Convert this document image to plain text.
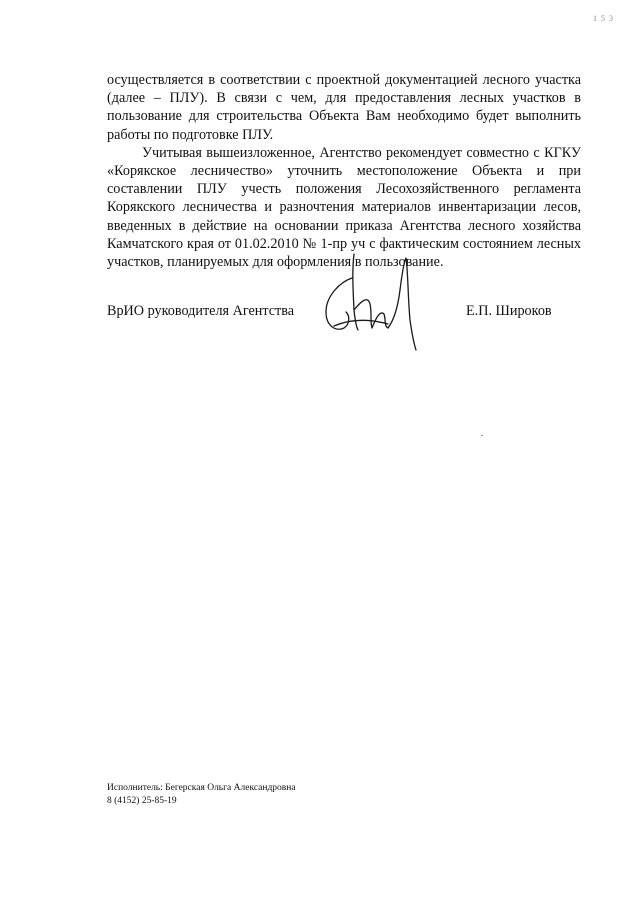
1 5 3

осуществляется в соответствии с проектной документацией лесного участка (далее – ПЛУ). В связи с чем, для предоставления лесных участков в пользование для строительства Объекта Вам необходимо будет выполнить работы по подготовке ПЛУ.

Учитывая вышеизложенное, Агентство рекомендует совместно с КГКУ «Корякское лесничество» уточнить местоположение Объекта и при составлении ПЛУ учесть положения Лесохозяйственного регламента Корякского лесничества и разночтения материалов инвентаризации лесов, введенных в действие на основании приказа Агентства лесного хозяйства Камчатского края от 01.02.2010 № 1-пр уч с фактическим состоянием лесных участков, планируемых для оформления в пользование.

ВрИО руководителя Агентства	Е.П. Широков
Исполнитель: Бегерская Ольга Александровна
8 (4152) 25-85-19
